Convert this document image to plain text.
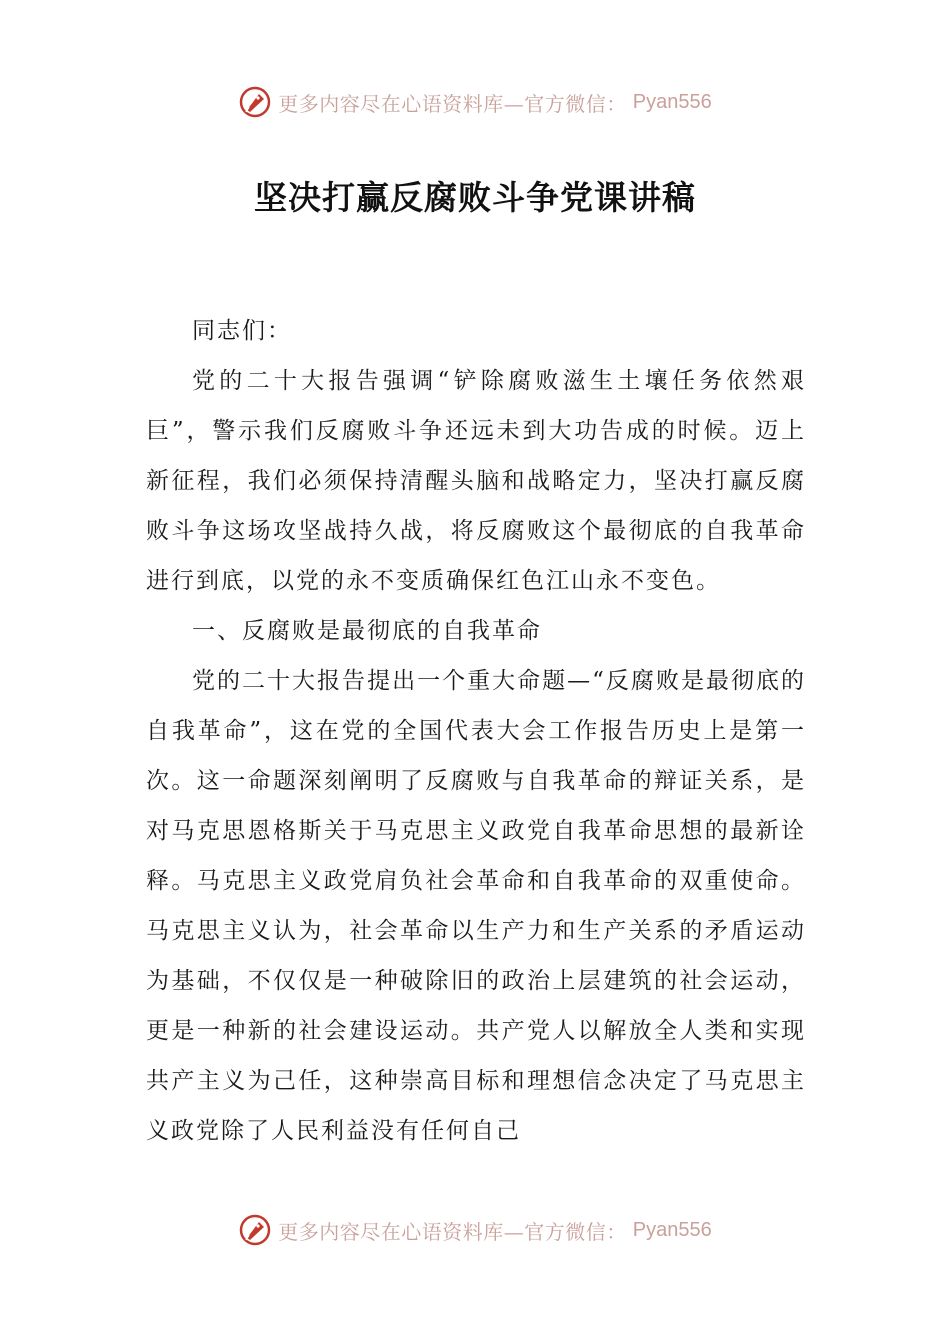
更多内容尽在心语资料库—官方微信： Pyan556
坚决打赢反腐败斗争党课讲稿

同志们：

党的二十大报告强调“铲除腐败滋生土壤任务依然艰巨”，警示我们反腐败斗争还远未到大功告成的时候。迈上新征程，我们必须保持清醒头脑和战略定力，坚决打赢反腐败斗争这场攻坚战持久战，将反腐败这个最彻底的自我革命进行到底，以党的永不变质确保红色江山永不变色。

一、反腐败是最彻底的自我革命

党的二十大报告提出一个重大命题—“反腐败是最彻底的自我革命”，这在党的全国代表大会工作报告历史上是第一次。这一命题深刻阐明了反腐败与自我革命的辩证关系，是对马克思恩格斯关于马克思主义政党自我革命思想的最新诠释。马克思主义政党肩负社会革命和自我革命的双重使命。马克思主义认为，社会革命以生产力和生产关系的矛盾运动为基础，不仅仅是一种破除旧的政治上层建筑的社会运动，更是一种新的社会建设运动。共产党人以解放全人类和实现共产主义为己任，这种崇高目标和理想信念决定了马克思主义政党除了人民利益没有任何自己

更多内容尽在心语资料库—官方微信： Pyan556
